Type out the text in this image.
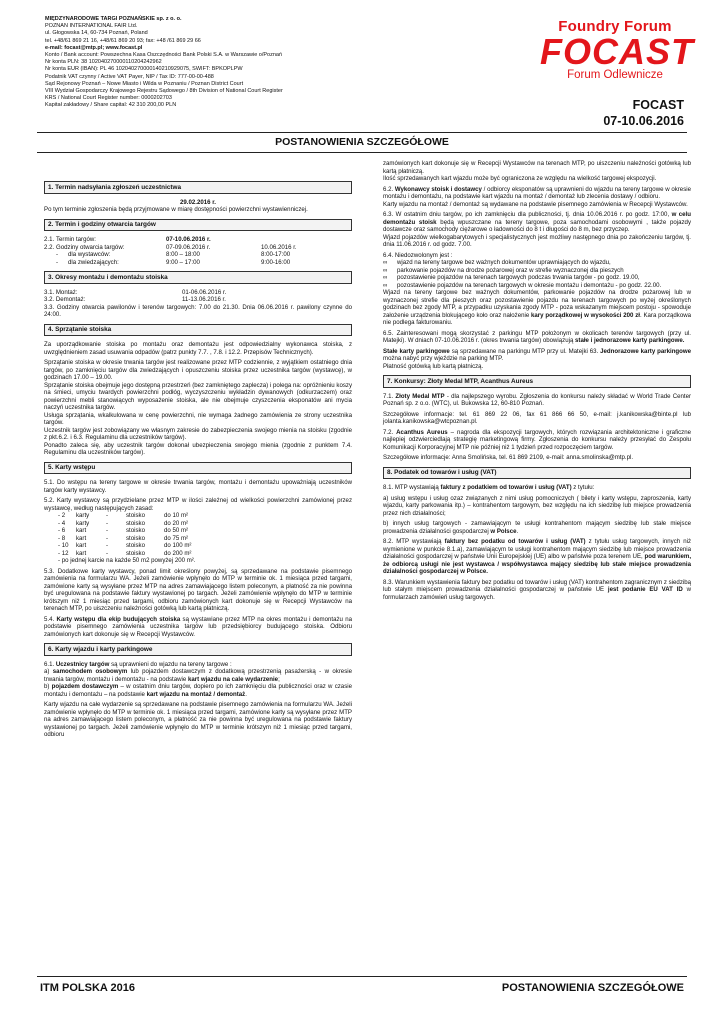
MIĘDZYNARODOWE TARGI POZNAŃSKIE sp. z o. o.
POZNAN INTERNATIONAL FAIR Ltd.
ul. Głogowska 14, 60-734 Poznań, Poland
tel. +48/61 869 21 16, +48/61 869 20 93; fax: +48 /61 869 29 66
e-mail: focast@mtp.pl; www.focast.pl
Konto / Bank account: Powszechna Kasa Oszczędności Bank Polski S.A. w Warszawie o/Poznań
Nr konta PLN: 38 102040270000110204242962
Nr konta EUR (IBAN): PL 46 102040270000140210929075, SWIFT: BPKOPLPW
Podatnik VAT czynny / Active VAT Payer, NIP / Tax ID: 777-00-00-488
Sąd Rejonowy Poznań – Nowe Miasto i Wilda w Poznaniu / Poznan District Court
VIII Wydział Gospodarczy Krajowego Rejestru Sądowego / 8th Division of National Court Register
KRS / National Court Register number: 0000202703
Kapitał zakładowy / Share capital: 42 310 200,00 PLN
Foundry Forum
FOCAST
Forum Odlewnicze
FOCAST
07-10.06.2016
POSTANOWIENIA SZCZEGÓŁOWE
1. Termin nadsyłania zgłoszeń uczestnictwa
29.02.2016 r.
Po tym terminie zgłoszenia będą przyjmowane w miarę dostępności powierzchni wystawienniczej.
2. Termin i godziny otwarcia targów
2.1. Termin targów:	07-10.06.2016 r.
2.2. Godziny otwarcia targów:	07-09.06.2016 r.	10.06.2016 r.
-	dla wystawców:	8:00 – 18:00	8:00-17:00
-	dla zwiedzających:	9:00 – 17:00	9:00-16:00
3. Okresy montażu i demontażu stoiska
3.1. Montaż:	01-06.06.2016 r.
3.2. Demontaż:	11-13.06.2016 r.
3.3. Godziny otwarcia pawilonów i terenów targowych: 7.00 do 21.30. Dnia 06.06.2016 r. pawilony czynne do 24:00.
4. Sprzątanie stoiska
Za uporządkowanie stoiska po montażu oraz demontażu jest odpowiedzialny wykonawca stoiska, z uwzględnieniem zasad usuwania odpadów (patrz punkty 7.7. , 7.8. i 12.2. Przepisów Technicznych).
Sprzątanie stoiska w okresie trwania targów jest realizowane przez MTP codziennie, z wyjątkiem ostatniego dnia targów, po zamknięciu targów dla zwiedzających i opuszczeniu stoiska przez uczestnika targów (wystawcę), w godzinach 17.00 – 19.00.
Sprzątanie stoiska obejmuje jego dostępną przestrzeń (bez zamkniętego zaplecza) i polega na: opróżnieniu koszy na śmieci, umyciu twardych powierzchni podłóg, wyczyszczeniu wykładzin dywanowych (odkurzaczem) oraz powierzchni mebli stanowiących wyposażenie stoiska, ale nie obejmuje czyszczenia eksponatów ani mycia naczyń uczestnika targów.
Usługa sprzątania, wkalkulowana w cenę powierzchni, nie wymaga żadnego zamówienia ze strony uczestnika targów.
Uczestnik targów jest zobowiązany we własnym zakresie do zabezpieczenia swojego mienia na stoisku (zgodnie z pkt.6.2. i 6.3. Regulaminu dla uczestników targów).
Ponadto zaleca się, aby uczestnik targów dokonał ubezpieczenia swojego mienia (zgodnie z punktem 7.4. Regulaminu dla uczestników targów).
5. Karty wstępu
5.1. Do wstępu na tereny targowe w okresie trwania targów, montażu i demontażu upoważniają uczestników targów karty wystawcy.
5.2. Karty wystawcy są przydzielane przez MTP w ilości zależnej od wielkości powierzchni zamówionej przez wystawcę, według następujących zasad:
- 2	karty	-	stoisko	do 10 m²
- 4	karty	-	stoisko	do 20 m²
- 6	kart	-	stoisko	do 50 m²
- 8	kart	-	stoisko	do 75 m²
- 10	kart	-	stoisko	do 100 m²
- 12	kart	-	stoisko	do 200 m²
- po jednej karcie na każde 50 m2 powyżej 200 m².
5.3. Dodatkowe karty wystawcy, ponad limit określony powyżej, są sprzedawane na podstawie pisemnego zamówienia na formularzu WA. Jeżeli zamówienie wpłynęło do MTP w terminie ok. 1 miesiąca przed targami, zamówione karty są wysyłane przez MTP na adres zamawiającego listem poleconym, a płatność za nie powinna być uregulowana na podstawie faktury wystawionej po targach. Jeżeli zamówienie wpłynęło do MTP w terminie krótszym niż 1 miesiąc przed targami, odbioru zamówionych kart dokonuje się w Recepcji Wystawców na terenach MTP, po uiszczeniu należności gotówką lub kartą płatniczą.
5.4. Karty wstępu dla ekip budujących stoiska są wystawiane przez MTP na okres montażu i demontażu na podstawie pisemnego zamówienia uczestnika targów lub przedsiębiorcy budującego stoiska. Odbioru zamówionych kart dokonuje się w Recepcji Wystawców.
6. Karty wjazdu i karty parkingowe
6.1. Uczestnicy targów są uprawnieni do wjazdu na tereny targowe :
a) samochodem osobowym lub pojazdem dostawczym z dodatkową przestrzenią pasażerską - w okresie trwania targów, montażu i demontażu - na podstawie kart wjazdu na cale wydarzenie;
b) pojazdem dostawczym – w ostatnim dniu targów, dopiero po ich zamknięciu dla publiczności oraz w czasie montażu i demontażu – na podstawie kart wjazdu na montaż / demontaż.
Karty wjazdu na całe wydarzenie są sprzedawane na podstawie pisemnego zamówienia na formularzu WA. Jeżeli zamówienie wpłynęło do MTP w terminie ok. 1 miesiąca przed targami, zamówione karty są wysyłane przez MTP na adres zamawiającego listem poleconym, a płatność za nie powinna być uregulowana na podstawie faktury wystawionej po targach. Jeżeli zamówienie wpłynęło do MTP w terminie krótszym niż 1 miesiąc przed targami, odbioru
zamówionych kart dokonuje się w Recepcji Wystawców na terenach MTP, po uiszczeniu należności gotówką lub kartą płatniczą.
Ilość sprzedawanych kart wjazdu może być ograniczona ze względu na wielkość targowej ekspozycji.
6.2. Wykonawcy stoisk i dostawcy / odbiorcy eksponatów są uprawnieni do wjazdu na tereny targowe w okresie montażu i demontażu, na podstawie kart wjazdu na montaż / demontaż lub zlecenia dostawy / odbioru.
Karty wjazdu na montaż / demontaż są wydawane na podstawie pisemnego zamówienia w Recepcji Wystawców.
6.3. W ostatnim dniu targów, po ich zamknięciu dla publiczności, tj. dnia 10.06.2016 r. po godz. 17:00, w celu demontażu stoisk będą wpuszczane na tereny targowe, poza samochodami osobowymi , także pojazdy dostawcze oraz samochody ciężarowe o ładowności do 8 t i długości do 8 m, bez przyczep.
Wjazd pojazdów wielkogabarytowych i specjalistycznych jest możliwy następnego dnia po zakończeniu targów, tj. dnia 11.06.2016 r. od godz. 7.00.
6.4. Niedozwolonym jest :
∞	wjazd na tereny targowe bez ważnych dokumentów uprawniających do wjazdu,
∞	parkowanie pojazdów na drodze pożarowej oraz w strefie wyznaczonej dla pieszych
∞	pozostawienie pojazdów na terenach targowych podczas trwania targów - po godz. 19.00,
∞	pozostawienie pojazdów na terenach targowych w okresie montażu i demontażu - po godz. 22.00.
Wjazd na tereny targowe bez ważnych dokumentów, parkowanie pojazdów na drodze pożarowej lub w wyznaczonej strefie dla pieszych oraz pozostawienie pojazdu na terenach targowych po wyżej określonych godzinach bez zgody MTP, a przypadku uzyskania zgody MTP - poza wskazanym miejscem postoju - spowoduje założenie urządzenia blokującego koło oraz nałożenie kary porządkowej w wysokości 200 zł. Kara porządkowa nie podlega fakturowaniu.
6.5. Zainteresowani mogą skorzystać z parkingu MTP położonym w okolicach terenów targowych (przy ul. Matejki). W dniach 07-10.06.2016 r. (okres trwania targów) obowiązują stałe i jednorazowe karty parkingowe.
Stałe karty parkingowe są sprzedawane na parkingu MTP przy ul. Matejki 63. Jednorazowe karty parkingowe można nabyć przy wjeździe na parking MTP.
Płatność gotówką lub kartą płatniczą.
7. Konkursy: Złoty Medal MTP, Acanthus Aureus
7.1. Złoty Medal MTP - dla najlepszego wyrobu. Zgłoszenia do konkursu należy składać w World Trade Center Poznań sp. z o.o. (WTC), ul. Bukowska 12, 60-810 Poznań.
Szczegółowe informacje: tel. 61 869 22 06, fax 61 866 66 50, e-mail: j.kanikowska@binte.pl lub jolanta.kanikowska@wtcpoznan.pl.
7.2. Acanthus Aureus – nagroda dla ekspozycji targowych, których rozwiązania architektoniczne i graficzne najlepiej odzwierciedlają strategię marketingową firmy. Zgłoszenia do konkursu należy przesyłać do Zespołu Komunikacji Korporacyjnej MTP nie później niż 1 tydzień przed rozpoczęciem targów.
Szczegółowe informacje: Anna Smolińska, tel. 61 869 2109, e-mail: anna.smolinska@mtp.pl.
8. Podatek od towarów i usług (VAT)
8.1. MTP wystawiają faktury z podatkiem od towarów i usług (VAT) z tytułu:
a) usług wstępu i usług ozaz związanych z nimi usług pomocniczych ( bilety i karty wstępu, zaproszenia, karty wjazdu, karty parkowania itp.) – kontrahentom targowym, bez względu na ich siedzibę lub miejsce prowadzenia przez nich działalności;
b) innych usług targowych - zamawiającym te usługi kontrahentom mającym siedzibę lub stałe miejsce prowadzenia działalności gospodarczej w Polsce.
8.2. MTP wystawiają faktury bez podatku od towarów i usług (VAT) z tytułu usług targowych, innych niż wymienione w punkcie 8.1.a), zamawiającym te usługi kontrahentom mającym siedzibę lub miejsce prowadzenia działalności gospodarczej w państwie Unii Europejskiej (UE) albo w państwie poza terenem UE, pod warunkiem, że odbiorcą usługi nie jest wystawca / współwystawca mający siedzibę lub stałe miejsce prowadzenia działalności gospodarczej w Polsce.
8.3. Warunkiem wystawienia faktury bez podatku od towarów i usług (VAT) kontrahentom zagranicznym z siedzibą lub stałym miejscem prowadzenia działalności gospodarczej w państwie UE jest podanie EU VAT ID w formularzach zamówień usług targowych.
ITM POLSKA 2016	POSTANOWIENIA SZCZEGÓŁOWE
